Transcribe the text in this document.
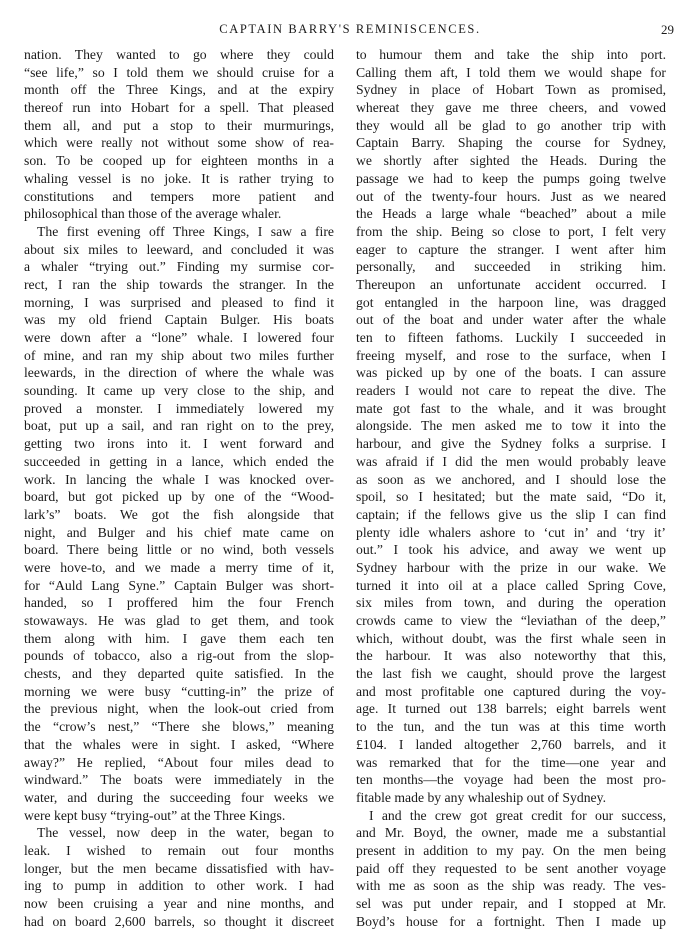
CAPTAIN BARRY'S REMINISCENCES.	29
nation. They wanted to go where they could
“see life,” so I told them we should cruise for a
month off the Three Kings, and at the expiry
thereof run into Hobart for a spell. That pleased
them all, and put a stop to their murmurings,
which were really not without some show of rea-
son. To be cooped up for eighteen months in a
whaling vessel is no joke. It is rather trying to
constitutions and tempers more patient and
philosophical than those of the average whaler.
The first evening off Three Kings, I saw a fire
about six miles to leeward, and concluded it was
a whaler “trying out.” Finding my surmise cor-
rect, I ran the ship towards the stranger. In the
morning, I was surprised and pleased to find it
was my old friend Captain Bulger. His boats
were down after a “lone” whale. I lowered four
of mine, and ran my ship about two miles further
leewards, in the direction of where the whale was
sounding. It came up very close to the ship, and
proved a monster. I immediately lowered my
boat, put up a sail, and ran right on to the prey,
getting two irons into it. I went forward and
succeeded in getting in a lance, which ended the
work. In lancing the whale I was knocked over-
board, but got picked up by one of the “Wood-
lark’s” boats. We got the fish alongside that
night, and Bulger and his chief mate came on
board. There being little or no wind, both vessels
were hove-to, and we made a merry time of it,
for “Auld Lang Syne.” Captain Bulger was short-
handed, so I proffered him the four French
stowaways. He was glad to get them, and took
them along with him. I gave them each ten
pounds of tobacco, also a rig-out from the slop-
chests, and they departed quite satisfied. In the
morning we were busy “cutting-in” the prize of
the previous night, when the look-out cried from
the “crow’s nest,” “There she blows,” meaning
that the whales were in sight. I asked, “Where
away?” He replied, “About four miles dead to
windward.” The boats were immediately in the
water, and during the succeeding four weeks we
were kept busy “trying-out” at the Three Kings.
The vessel, now deep in the water, began to
leak. I wished to remain out four months
longer, but the men became dissatisfied with hav-
ing to pump in addition to other work. I had
now been cruising a year and nine months, and
had on board 2,600 barrels, so thought it discreet
to humour them and take the ship into port.
Calling them aft, I told them we would shape for
Sydney in place of Hobart Town as promised,
whereat they gave me three cheers, and vowed
they would all be glad to go another trip with
Captain Barry. Shaping the course for Sydney,
we shortly after sighted the Heads. During the
passage we had to keep the pumps going twelve
out of the twenty-four hours. Just as we neared
the Heads a large whale “beached” about a mile
from the ship. Being so close to port, I felt very
eager to capture the stranger. I went after him
personally, and succeeded in striking him.
Thereupon an unfortunate accident occurred. I
got entangled in the harpoon line, was dragged
out of the boat and under water after the whale
ten to fifteen fathoms. Luckily I succeeded in
freeing myself, and rose to the surface, when I
was picked up by one of the boats. I can assure
readers I would not care to repeat the dive. The
mate got fast to the whale, and it was brought
alongside. The men asked me to tow it into the
harbour, and give the Sydney folks a surprise. I
was afraid if I did the men would probably leave
as soon as we anchored, and I should lose the
spoil, so I hesitated; but the mate said, “Do it,
captain; if the fellows give us the slip I can find
plenty idle whalers ashore to ‘cut in’ and ‘try it’
out.” I took his advice, and away we went up
Sydney harbour with the prize in our wake. We
turned it into oil at a place called Spring Cove,
six miles from town, and during the operation
crowds came to view the “leviathan of the deep,”
which, without doubt, was the first whale seen in
the harbour. It was also noteworthy that this,
the last fish we caught, should prove the largest
and most profitable one captured during the voy-
age. It turned out 138 barrels; eight barrels went
to the tun, and the tun was at this time worth
£104. I landed altogether 2,760 barrels, and it
was remarked that for the time—one year and
ten months—the voyage had been the most pro-
fitable made by any whaleship out of Sydney.
I and the crew got great credit for our success,
and Mr. Boyd, the owner, made me a substantial
present in addition to my pay. On the men being
paid off they requested to be sent another voyage
with me as soon as the ship was ready. The ves-
sel was put under repair, and I stopped at Mr.
Boyd’s house for a fortnight. Then I made up
